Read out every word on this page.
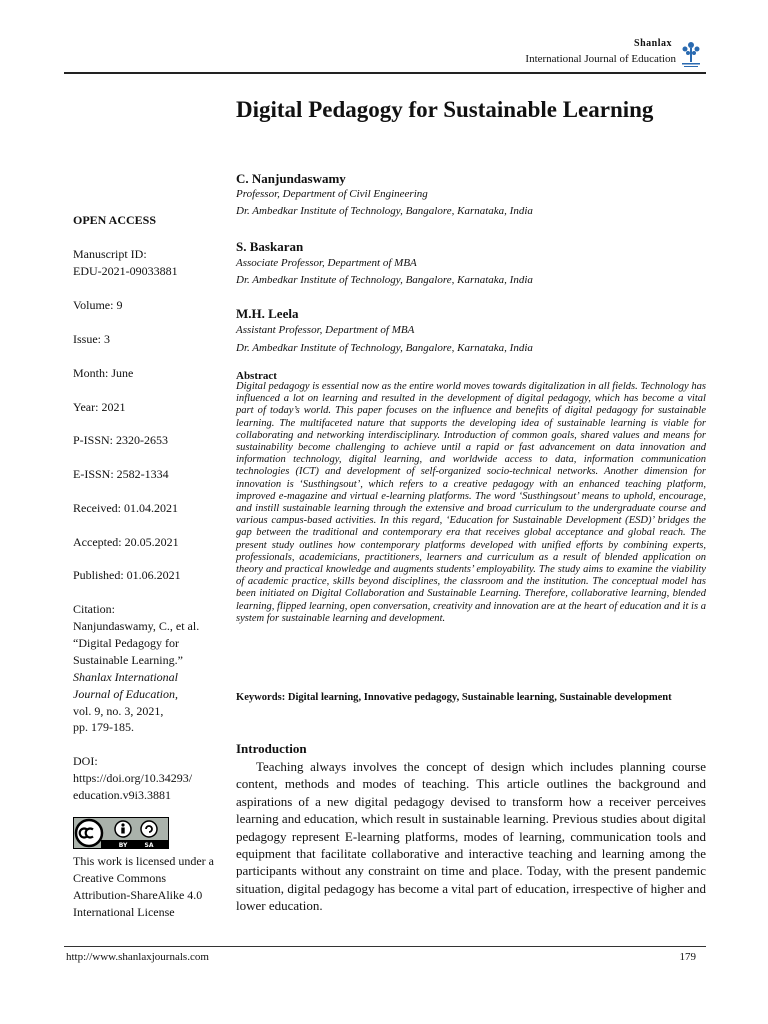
Shanlax
International Journal of Education
Digital Pedagogy for Sustainable Learning
C. Nanjundaswamy
Professor, Department of Civil Engineering
Dr. Ambedkar Institute of Technology, Bangalore, Karnataka, India
S. Baskaran
Associate Professor, Department of MBA
Dr. Ambedkar Institute of Technology, Bangalore, Karnataka, India
M.H. Leela
Assistant Professor, Department of MBA
Dr. Ambedkar Institute of Technology, Bangalore, Karnataka, India
Abstract

Digital pedagogy is essential now as the entire world moves towards digitalization in all fields. Technology has influenced a lot on learning and resulted in the development of digital pedagogy, which has become a vital part of today’s world. This paper focuses on the influence and benefits of digital pedagogy for sustainable learning. The multifaceted nature that supports the developing idea of sustainable learning is viable for collaborating and networking interdisciplinary. Introduction of common goals, shared values and means for sustainability become challenging to achieve until a rapid or fast advancement on data innovation and information technology, digital learning, and worldwide access to data, information communication technologies (ICT) and development of self-organized socio-technical networks. Another dimension for innovation is ‘Susthingsout’, which refers to a creative pedagogy with an enhanced teaching platform, improved e-magazine and virtual e-learning platforms. The word ‘Susthingsout’ means to uphold, encourage, and instill sustainable learning through the extensive and broad curriculum to the undergraduate course and various campus-based activities. In this regard, ‘Education for Sustainable Development (ESD)’ bridges the gap between the traditional and contemporary era that receives global acceptance and global reach. The present study outlines how contemporary platforms developed with unified efforts by combining experts, professionals, academicians, practitioners, learners and curriculum as a result of blended application on theory and practical knowledge and augments students’ employability. The study aims to examine the viability of academic practice, skills beyond disciplines, the classroom and the institution. The conceptual model has been initiated on Digital Collaboration and Sustainable Learning. Therefore, collaborative learning, blended learning, flipped learning, open conversation, creativity and innovation are at the heart of education and it is a system for sustainable learning and development.

Keywords: Digital learning, Innovative pedagogy, Sustainable learning, Sustainable development

Introduction

Teaching always involves the concept of design which includes planning course content, methods and modes of teaching. This article outlines the background and aspirations of a new digital pedagogy devised to transform how a receiver perceives learning and education, which result in sustainable learning. Previous studies about digital pedagogy represent E-learning platforms, modes of learning, communication tools and equipment that facilitate collaborative and interactive teaching and learning among the participants without any constraint on time and place. Today, with the present pandemic situation, digital pedagogy has become a vital part of education, irrespective of higher and lower education.

OPEN ACCESS
Manuscript ID:
EDU-2021-09033881
Volume: 9
Issue: 3
Month: June
Year: 2021
P-ISSN: 2320-2653
E-ISSN: 2582-1334
Received: 01.04.2021
Accepted: 20.05.2021
Published: 01.06.2021
Citation:
Nanjundaswamy, C., et al. “Digital Pedagogy for Sustainable Learning.”
Shanlax International Journal of Education,
vol. 9, no. 3, 2021,
pp. 179-185.
DOI:
https://doi.org/10.34293/
education.v9i3.3881
BY	SA
This work is licensed under a Creative Commons Attribution-ShareAlike 4.0 International License
http://www.shanlaxjournals.com	179
